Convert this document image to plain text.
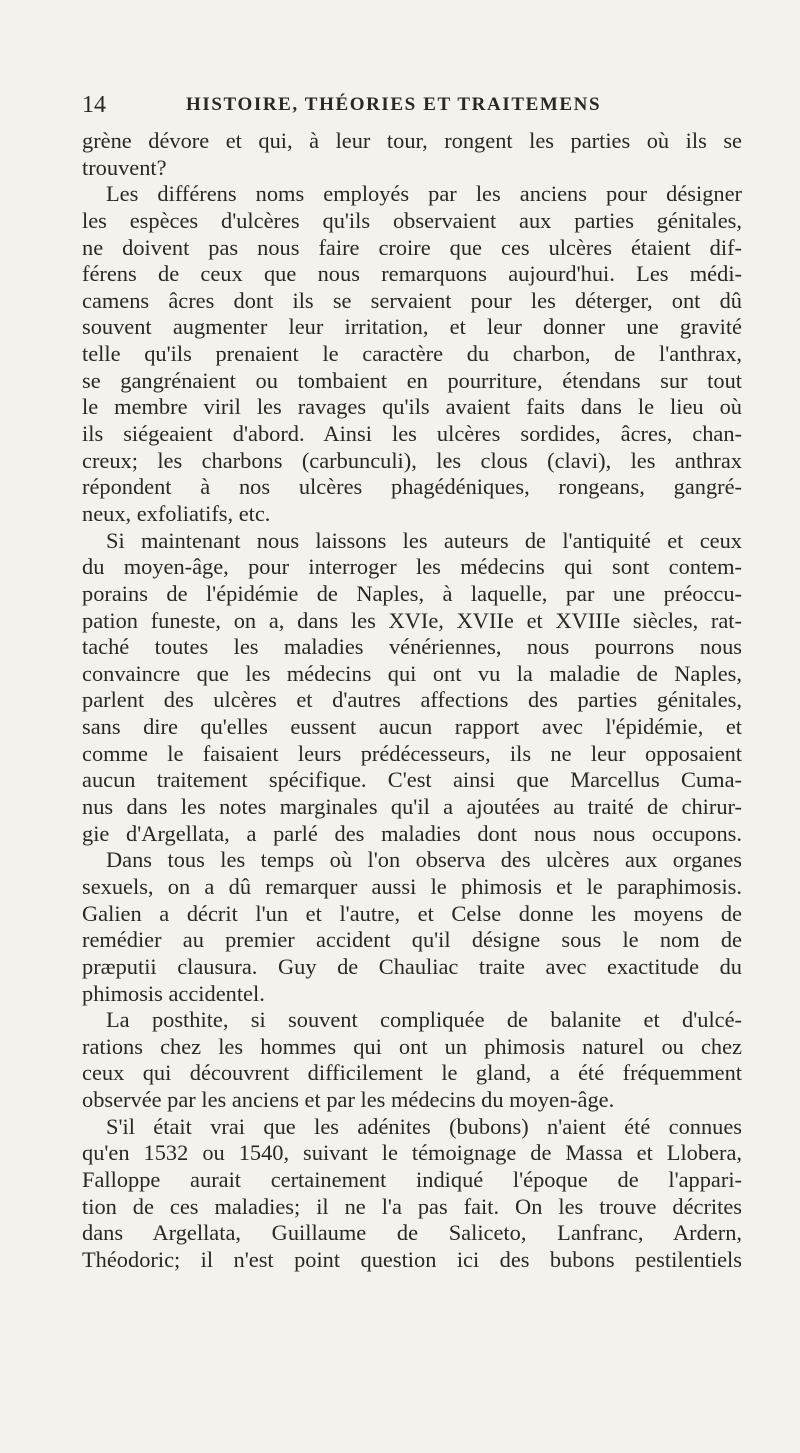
14	HISTOIRE, THÉORIES ET TRAITEMENS
grène dévore et qui, à leur tour, rongent les parties où ils se
trouvent?
Les différens noms employés par les anciens pour désigner
les espèces d'ulcères qu'ils observaient aux parties génitales,
ne doivent pas nous faire croire que ces ulcères étaient dif-
férens de ceux que nous remarquons aujourd'hui. Les médi-
camens âcres dont ils se servaient pour les déterger, ont dû
souvent augmenter leur irritation, et leur donner une gravité
telle qu'ils prenaient le caractère du charbon, de l'anthrax,
se gangrénaient ou tombaient en pourriture, étendans sur tout
le membre viril les ravages qu'ils avaient faits dans le lieu où
ils siégeaient d'abord. Ainsi les ulcères sordides, âcres, chan-
creux; les charbons (carbunculi), les clous (clavi), les anthrax
répondent à nos ulcères phagédéniques, rongeans, gangré-
neux, exfoliatifs, etc.
Si maintenant nous laissons les auteurs de l'antiquité et ceux
du moyen-âge, pour interroger les médecins qui sont contem-
porains de l'épidémie de Naples, à laquelle, par une préoccu-
pation funeste, on a, dans les XVIe, XVIIe et XVIIIe siècles, rat-
taché toutes les maladies vénériennes, nous pourrons nous
convaincre que les médecins qui ont vu la maladie de Naples,
parlent des ulcères et d'autres affections des parties génitales,
sans dire qu'elles eussent aucun rapport avec l'épidémie, et
comme le faisaient leurs prédécesseurs, ils ne leur opposaient
aucun traitement spécifique. C'est ainsi que Marcellus Cuma-
nus dans les notes marginales qu'il a ajoutées au traité de chirur-
gie d'Argellata, a parlé des maladies dont nous nous occupons.
Dans tous les temps où l'on observa des ulcères aux organes
sexuels, on a dû remarquer aussi le phimosis et le paraphimosis.
Galien a décrit l'un et l'autre, et Celse donne les moyens de
remédier au premier accident qu'il désigne sous le nom de
præputii clausura. Guy de Chauliac traite avec exactitude du
phimosis accidentel.
La posthite, si souvent compliquée de balanite et d'ulcé-
rations chez les hommes qui ont un phimosis naturel ou chez
ceux qui découvrent difficilement le gland, a été fréquemment
observée par les anciens et par les médecins du moyen-âge.
S'il était vrai que les adénites (bubons) n'aient été connues
qu'en 1532 ou 1540, suivant le témoignage de Massa et Llobera,
Falloppe aurait certainement indiqué l'époque de l'appari-
tion de ces maladies; il ne l'a pas fait. On les trouve décrites
dans Argellata, Guillaume de Saliceto, Lanfranc, Ardern,
Théodoric; il n'est point question ici des bubons pestilentiels
